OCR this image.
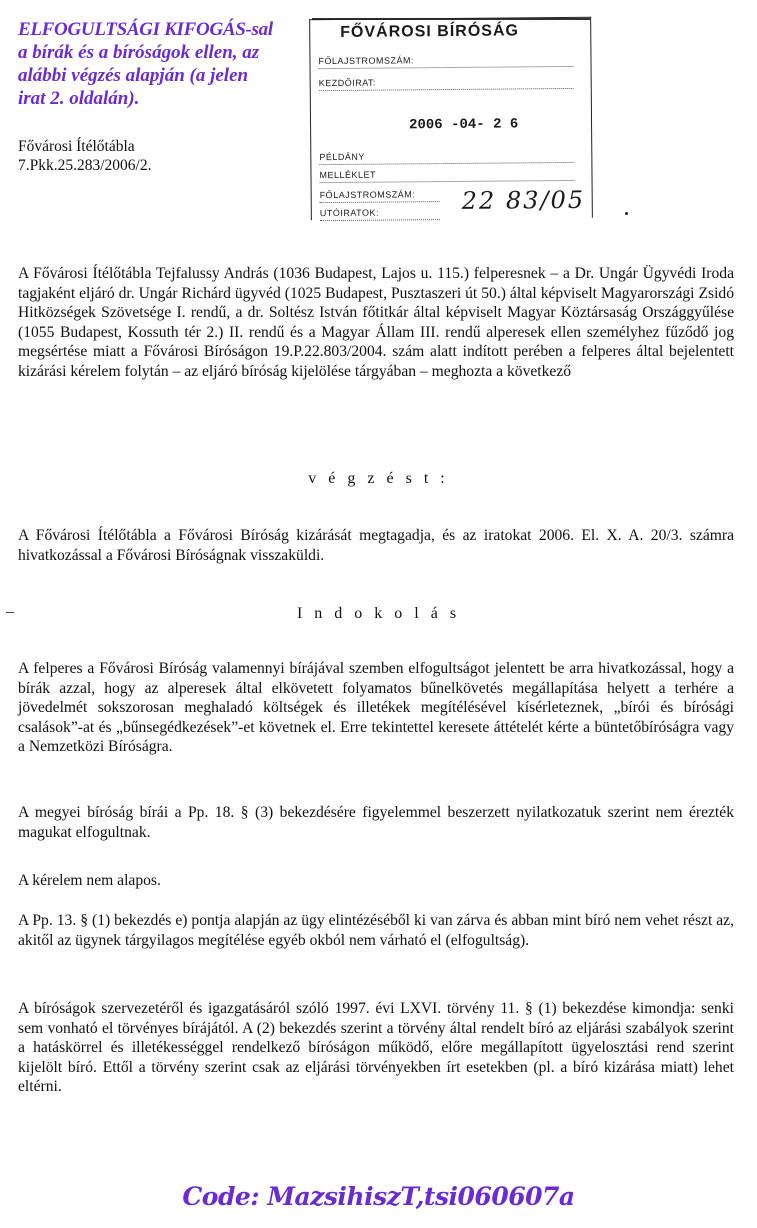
ELFOGULTSÁGI KIFOGÁS-sal
a bírák és a bíróságok ellen, az
alábbi végzés alapján (a jelen
irat 2. oldalán).
Fővárosi Ítélőtábla
7.Pkk.25.283/2006/2.
FŐVÁROSI BÍRÓSÁG
FŐLAJSTROMSZÁM:
KEZDŐIRAT:
2006 -04- 2 6
PÉLDÁNY
MELLÉKLET
FŐLAJSTROMSZÁM:
UTÓIRATOK:	22 83/05
A Fővárosi Ítélőtábla Tejfalussy András (1036 Budapest, Lajos u. 115.) felperesnek – a Dr. Ungár Ügyvédi Iroda tagjaként eljáró dr. Ungár Richárd ügyvéd (1025 Budapest, Pusztaszeri út 50.) által képviselt Magyarországi Zsidó Hitközségek Szövetsége I. rendű, a dr. Soltész István főtitkár által képviselt Magyar Köztársaság Országgyűlése (1055 Budapest, Kossuth tér 2.) II. rendű és a Magyar Állam III. rendű alperesek ellen személyhez fűződő jog megsértése miatt a Fővárosi Bíróságon 19.P.22.803/2004. szám alatt indított perében a felperes által bejelentett kizárási kérelem folytán – az eljáró bíróság kijelölése tárgyában – meghozta a következő
v é g z é s t :
A Fővárosi Ítélőtábla a Fővárosi Bíróság kizárását megtagadja, és az iratokat 2006. El. X. A. 20/3. számra hivatkozással a Fővárosi Bíróságnak visszaküldi.
I n d o k o l á s
A felperes a Fővárosi Bíróság valamennyi bírájával szemben elfogultságot jelentett be arra hivatkozással, hogy a bírák azzal, hogy az alperesek által elkövetett folyamatos bűnelkövetés megállapítása helyett a terhére a jövedelmét sokszorosan meghaladó költségek és illetékek megítélésével kísérleteznek, „bírói és bírósági csalások”-at és „bűnsegédkezések”-et követnek el. Erre tekintettel keresete áttételét kérte a büntetőbíróságra vagy a Nemzetközi Bíróságra.
A megyei bíróság bírái a Pp. 18. § (3) bekezdésére figyelemmel beszerzett nyilatkozatuk szerint nem érezték magukat elfogultnak.
A kérelem nem alapos.
A Pp. 13. § (1) bekezdés e) pontja alapján az ügy elintézéséből ki van zárva és abban mint bíró nem vehet részt az, akitől az ügynek tárgyilagos megítélése egyéb okból nem várható el (elfogultság).
A bíróságok szervezetéről és igazgatásáról szóló 1997. évi LXVI. törvény 11. § (1) bekezdése kimondja: senki sem vonható el törvényes bírájától. A (2) bekezdés szerint a törvény által rendelt bíró az eljárási szabályok szerint a hatáskörrel és illetékességgel rendelkező bíróságon működő, előre megállapított ügyelosztási rend szerint kijelölt bíró. Ettől a törvény szerint csak az eljárási törvényekben írt esetekben (pl. a bíró kizárása miatt) lehet eltérni.
Code: MazsihiszT,tsi060607a
